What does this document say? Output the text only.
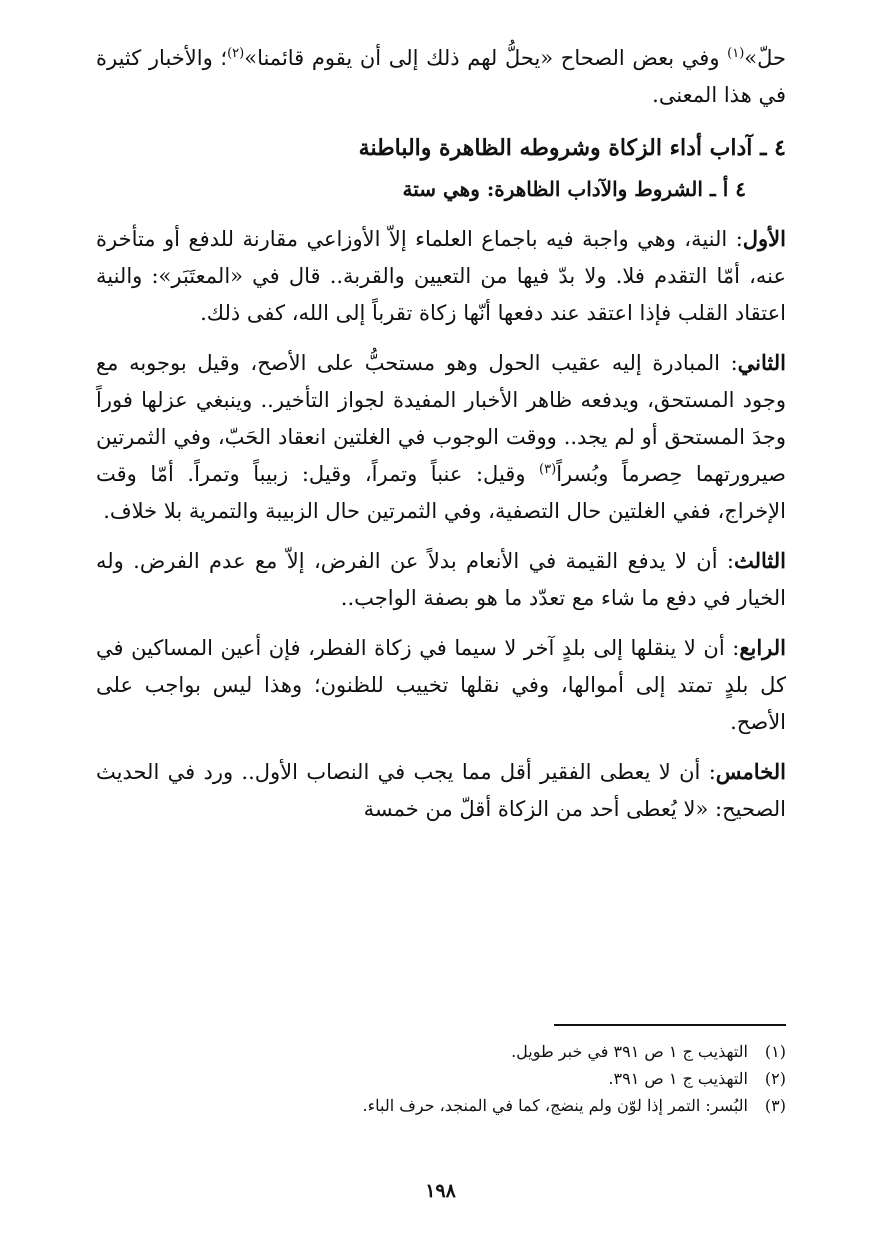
حلّ»$^{(١)}$ وفي بعض الصحاح «يحلُّ لهم ذلك إلى أن يقوم قائمنا»$^{(٢)}$؛ والأخبار كثيرة في هذا المعنى.

٤ ـ آداب أداء الزكاة وشروطه الظاهرة والباطنة
٤ أ ـ الشروط والآداب الظاهرة: وهي ستة

الأول: النية، وهي واجبة فيه باجماع العلماء إلاّ الأوزاعي مقارنة للدفع أو متأخرة عنه، أمّا التقدم فلا. ولا بدّ فيها من التعيين والقربة.. قال في «المعتَبَر»: والنية اعتقاد القلب فإذا اعتقد عند دفعها أنّها زكاة تقرباً إلى الله، كفى ذلك.

الثاني: المبادرة إليه عقيب الحول وهو مستحبُّ على الأصح، وقيل بوجوبه مع وجود المستحق، ويدفعه ظاهر الأخبار المفيدة لجواز التأخير.. وينبغي عزلها فوراً وجدَ المستحق أو لم يجد.. ووقت الوجوب في الغلتين انعقاد الحَبّ، وفي الثمرتين صيرورتهما حِصرماً وبُسراً$^{(٣)}$ وقيل: عنباً وتمراً، وقيل: زبيباً وتمراً. أمّا وقت الإخراج، ففي الغلتين حال التصفية، وفي الثمرتين حال الزبيبة والتمرية بلا خلاف.

الثالث: أن لا يدفع القيمة في الأنعام بدلاً عن الفرض، إلاّ مع عدم الفرض. وله الخيار في دفع ما شاء مع تعدّد ما هو بصفة الواجب..

الرابع: أن لا ينقلها إلى بلدٍ آخر لا سيما في زكاة الفطر، فإن أعين المساكين في كل بلدٍ تمتد إلى أموالها، وفي نقلها تخييب للظنون؛ وهذا ليس بواجب على الأصح.

الخامس: أن لا يعطى الفقير أقل مما يجب في النصاب الأول.. ورد في الحديث الصحيح: «لا يُعطى أحد من الزكاة أقلّ من خمسة

(١)التهذيب ج ١ ص ٣٩١ في خبر طويل.

(٢)التهذيب ج ١ ص ٣٩١.

(٣)البُسر: التمر إذا لوّن ولم ينضج، كما في المنجد، حرف الباء.

١٩٨
